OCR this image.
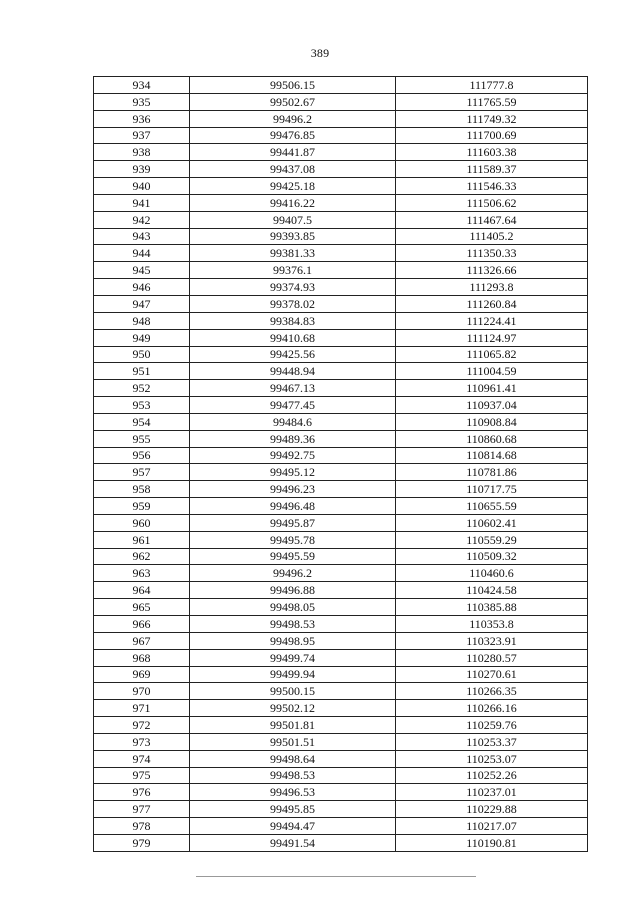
389
934	99506.15	111777.8
935	99502.67	111765.59
936	99496.2	111749.32
937	99476.85	111700.69
938	99441.87	111603.38
939	99437.08	111589.37
940	99425.18	111546.33
941	99416.22	111506.62
942	99407.5	111467.64
943	99393.85	111405.2
944	99381.33	111350.33
945	99376.1	111326.66
946	99374.93	111293.8
947	99378.02	111260.84
948	99384.83	111224.41
949	99410.68	111124.97
950	99425.56	111065.82
951	99448.94	111004.59
952	99467.13	110961.41
953	99477.45	110937.04
954	99484.6	110908.84
955	99489.36	110860.68
956	99492.75	110814.68
957	99495.12	110781.86
958	99496.23	110717.75
959	99496.48	110655.59
960	99495.87	110602.41
961	99495.78	110559.29
962	99495.59	110509.32
963	99496.2	110460.6
964	99496.88	110424.58
965	99498.05	110385.88
966	99498.53	110353.8
967	99498.95	110323.91
968	99499.74	110280.57
969	99499.94	110270.61
970	99500.15	110266.35
971	99502.12	110266.16
972	99501.81	110259.76
973	99501.51	110253.37
974	99498.64	110253.07
975	99498.53	110252.26
976	99496.53	110237.01
977	99495.85	110229.88
978	99494.47	110217.07
979	99491.54	110190.81
